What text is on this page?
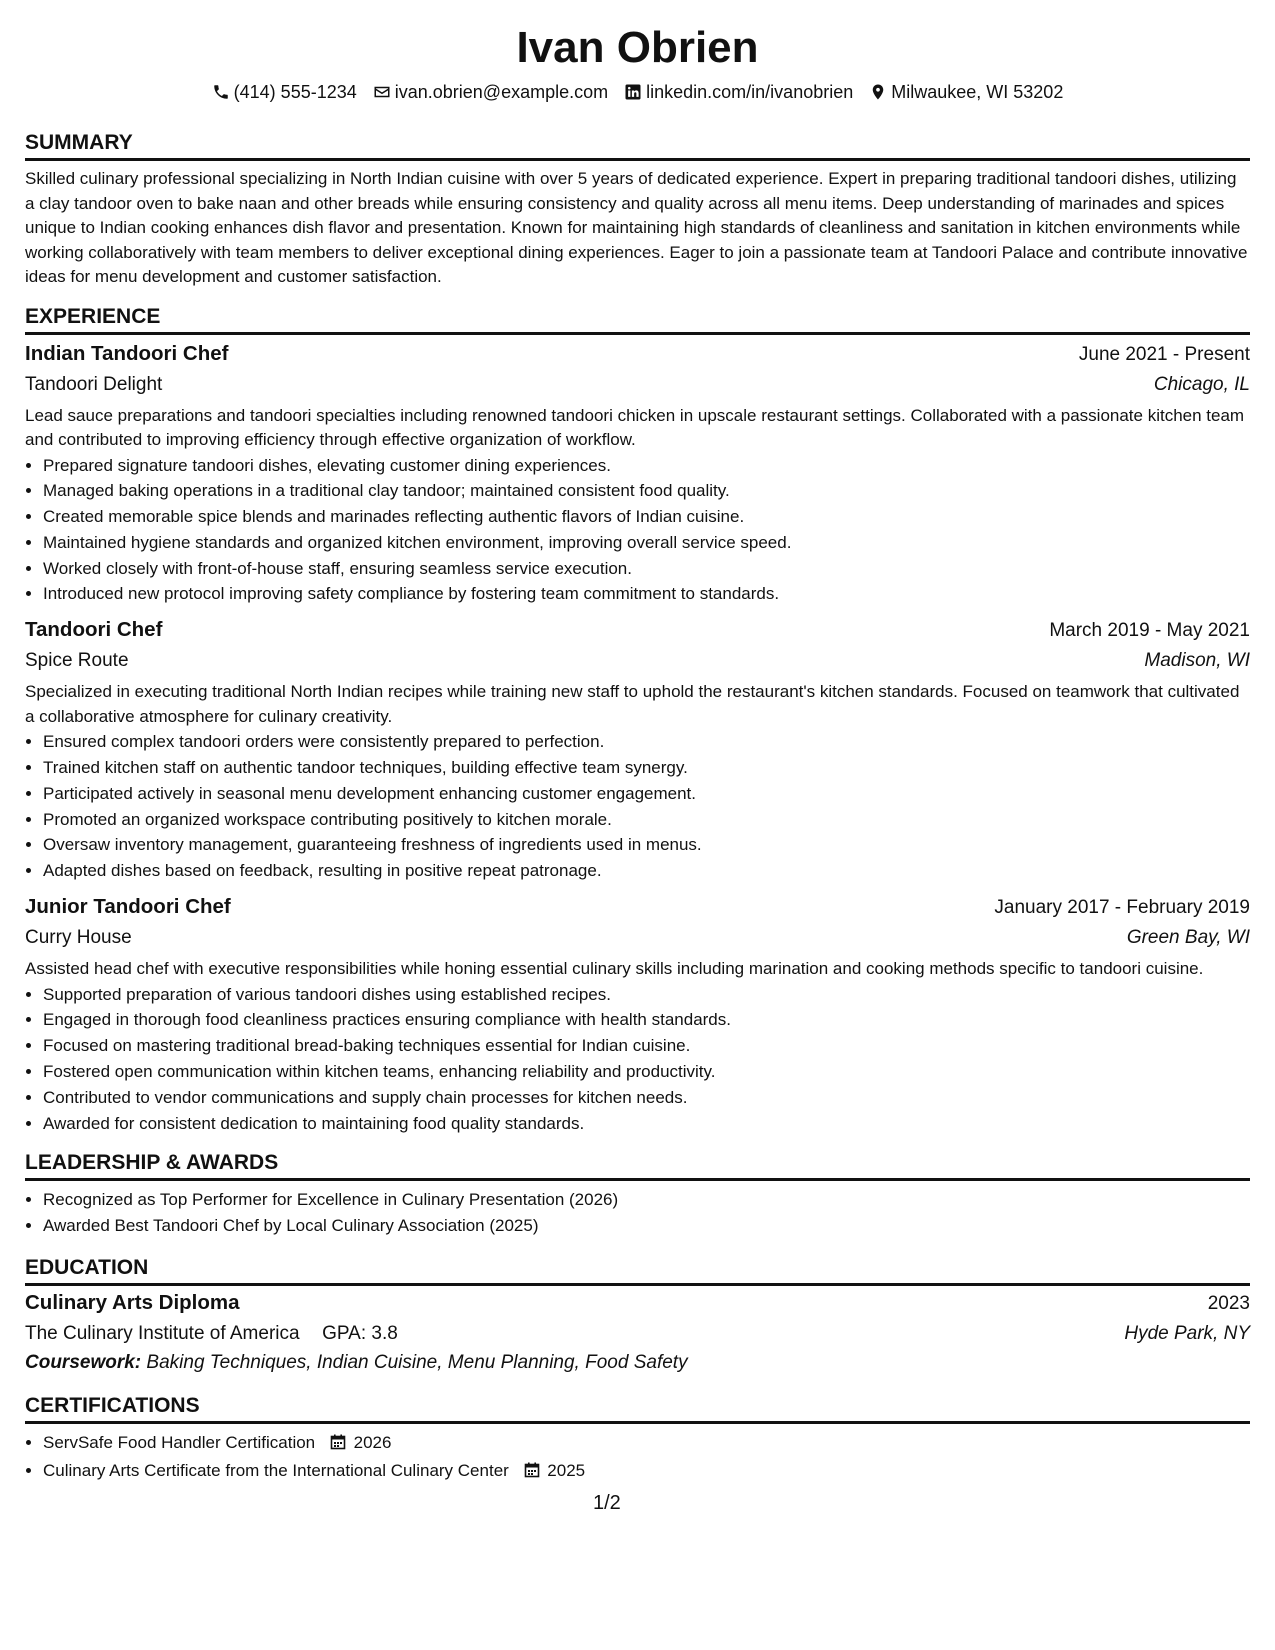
Ivan Obrien
(414) 555-1234 ivan.obrien@example.com linkedin.com/in/ivanobrien Milwaukee, WI 53202
SUMMARY

Skilled culinary professional specializing in North Indian cuisine with over 5 years of dedicated experience. Expert in preparing traditional tandoori dishes, utilizing a clay tandoor oven to bake naan and other breads while ensuring consistency and quality across all menu items. Deep understanding of marinades and spices unique to Indian cooking enhances dish flavor and presentation. Known for maintaining high standards of cleanliness and sanitation in kitchen environments while working collaboratively with team members to deliver exceptional dining experiences. Eager to join a passionate team at Tandoori Palace and contribute innovative ideas for menu development and customer satisfaction.

EXPERIENCE
Indian Tandoori Chef	June 2021 - Present
Tandoori Delight	Chicago, IL

Lead sauce preparations and tandoori specialties including renowned tandoori chicken in upscale restaurant settings. Collaborated with a passionate kitchen team and contributed to improving efficiency through effective organization of workflow.

• Prepared signature tandoori dishes, elevating customer dining experiences.
• Managed baking operations in a traditional clay tandoor; maintained consistent food quality.
• Created memorable spice blends and marinades reflecting authentic flavors of Indian cuisine.
• Maintained hygiene standards and organized kitchen environment, improving overall service speed.
• Worked closely with front-of-house staff, ensuring seamless service execution.
• Introduced new protocol improving safety compliance by fostering team commitment to standards.
Tandoori Chef	March 2019 - May 2021
Spice Route	Madison, WI

Specialized in executing traditional North Indian recipes while training new staff to uphold the restaurant's kitchen standards. Focused on teamwork that cultivated a collaborative atmosphere for culinary creativity.

• Ensured complex tandoori orders were consistently prepared to perfection.
• Trained kitchen staff on authentic tandoor techniques, building effective team synergy.
• Participated actively in seasonal menu development enhancing customer engagement.
• Promoted an organized workspace contributing positively to kitchen morale.
• Oversaw inventory management, guaranteeing freshness of ingredients used in menus.
• Adapted dishes based on feedback, resulting in positive repeat patronage.
Junior Tandoori Chef	January 2017 - February 2019
Curry House	Green Bay, WI

Assisted head chef with executive responsibilities while honing essential culinary skills including marination and cooking methods specific to tandoori cuisine.

• Supported preparation of various tandoori dishes using established recipes.
• Engaged in thorough food cleanliness practices ensuring compliance with health standards.
• Focused on mastering traditional bread-baking techniques essential for Indian cuisine.
• Fostered open communication within kitchen teams, enhancing reliability and productivity.
• Contributed to vendor communications and supply chain processes for kitchen needs.
• Awarded for consistent dedication to maintaining food quality standards.
LEADERSHIP & AWARDS
• Recognized as Top Performer for Excellence in Culinary Presentation (2026)
• Awarded Best Tandoori Chef by Local Culinary Association (2025)
EDUCATION
Culinary Arts Diploma	2023
The Culinary Institute of America GPA: 3.8	Hyde Park, NY
Coursework: Baking Techniques, Indian Cuisine, Menu Planning, Food Safety
CERTIFICATIONS
• ServSafe Food Handler Certification 2026
• Culinary Arts Certificate from the International Culinary Center 2025
1/2
